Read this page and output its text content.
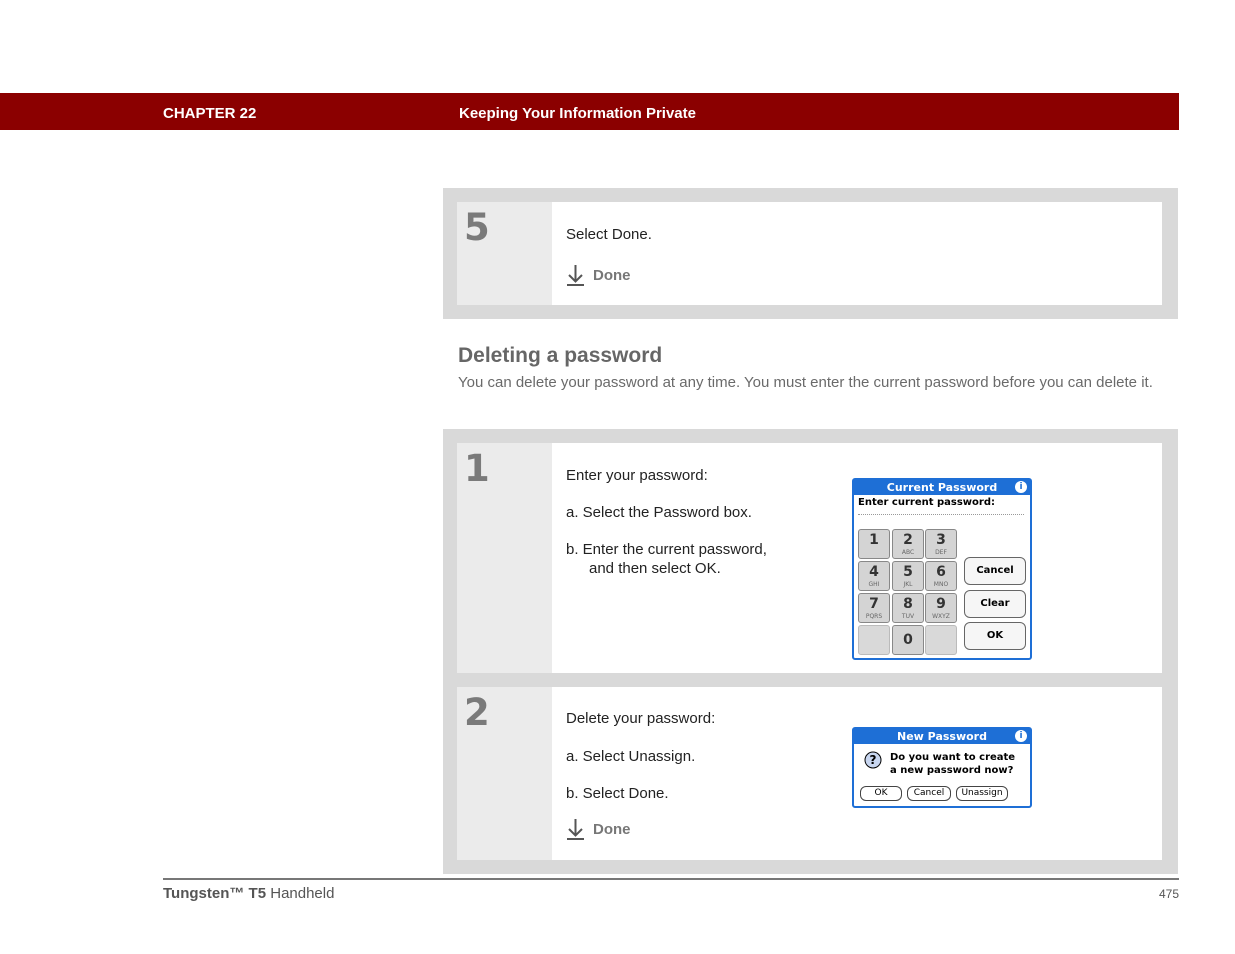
CHAPTER 22	Keeping Your Information Private
5	Select Done.
Done
Deleting a password
You can delete your password at any time. You must enter the current password before you can delete it.
1	Enter your password:
a. Select the Password box.
b. Enter the current password,
and then select OK.
Current Password	i
Enter current password:
1	2
ABC
3
DEF
4
GHI
5
JKL
6
MNO
7
PQRS
8
TUV
9
WXYZ
0
Cancel
Clear
OK
2	Delete your password:
a. Select Unassign.
b. Select Done.
Done
New Password	i
? Do you want to create
a new password now?
OK	Cancel	Unassign
Tungsten™ T5 Handheld	475
